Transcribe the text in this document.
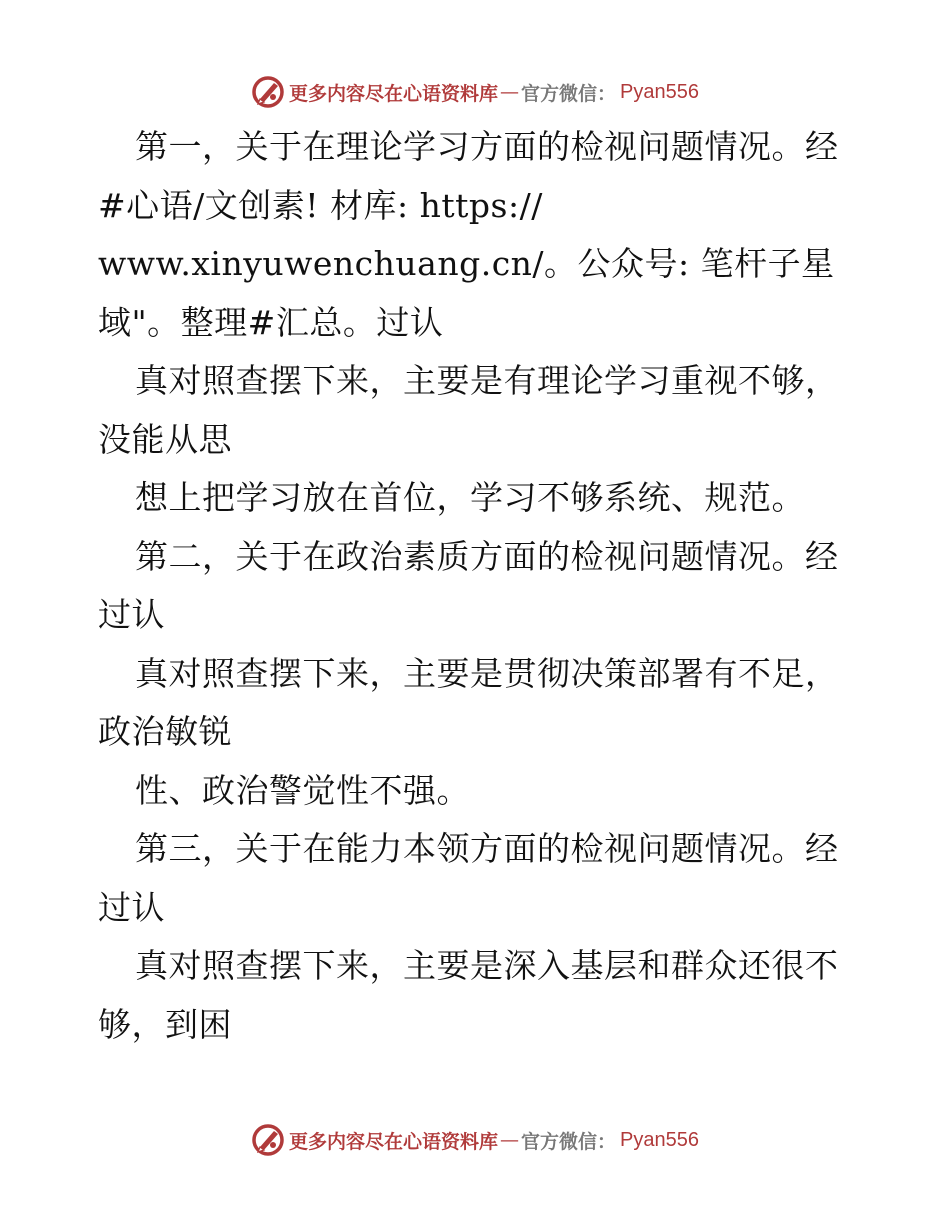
更多内容尽在心语资料库 — 官方微信： Pyan556
第一，关于在理论学习方面的检视问题情况。经
#心语/文创素! 材库: https://
www.xinyuwenchuang.cn/。公众号: 笔杆子星
域"。整理#汇总。过认
真对照查摆下来，主要是有理论学习重视不够，
没能从思
想上把学习放在首位，学习不够系统、规范。
第二，关于在政治素质方面的检视问题情况。经
过认
真对照查摆下来，主要是贯彻决策部署有不足，
政治敏锐
性、政治警觉性不强。
第三，关于在能力本领方面的检视问题情况。经
过认
真对照查摆下来，主要是深入基层和群众还很不
够，到困
更多内容尽在心语资料库 — 官方微信： Pyan556
